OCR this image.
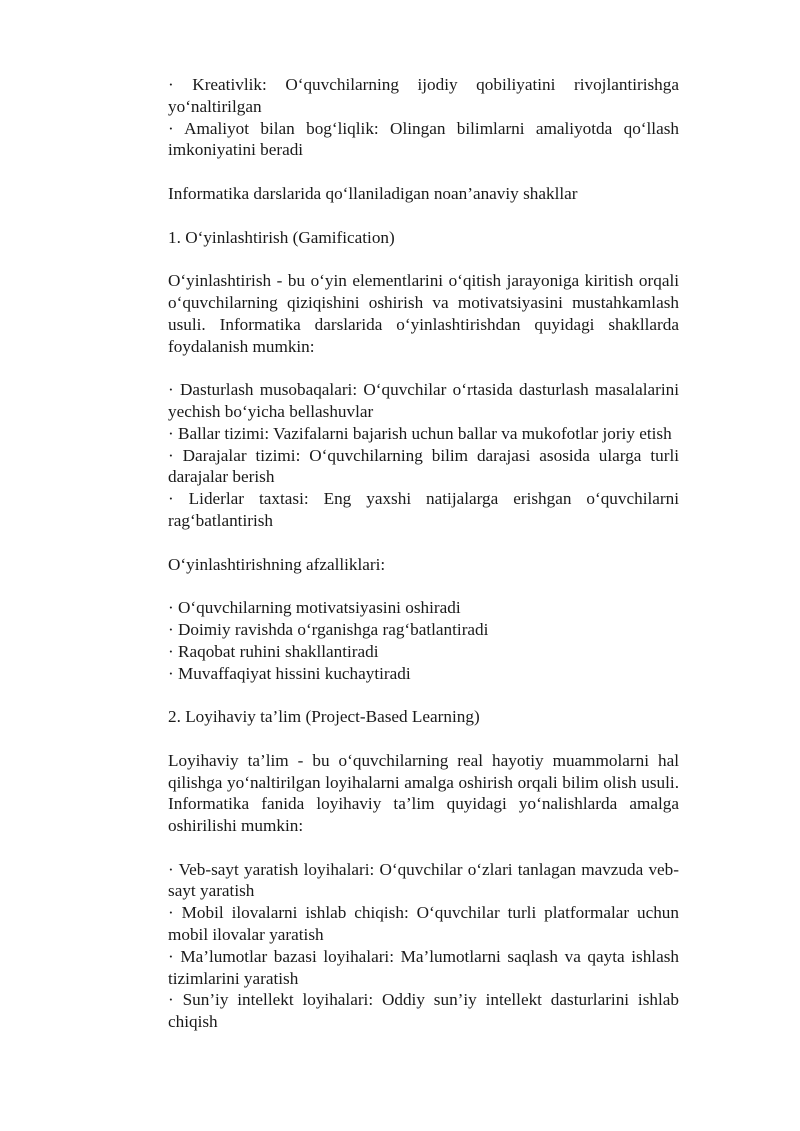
· Kreativlik: O‘quvchilarning ijodiy qobiliyatini rivojlantirishga yo‘naltirilgan

· Amaliyot bilan bog‘liqlik: Olingan bilimlarni amaliyotda qo‘llash imkoniyatini beradi

Informatika darslarida qo‘llaniladigan noan’anaviy shakllar

1. O‘yinlashtirish (Gamification)

O‘yinlashtirish - bu o‘yin elementlarini o‘qitish jarayoniga kiritish orqali o‘quvchilarning qiziqishini oshirish va motivatsiyasini mustahkamlash usuli. Informatika darslarida o‘yinlashtirishdan quyidagi shakllarda foydalanish mumkin:

· Dasturlash musobaqalari: O‘quvchilar o‘rtasida dasturlash masalalarini yechish bo‘yicha bellashuvlar

· Ballar tizimi: Vazifalarni bajarish uchun ballar va mukofotlar joriy etish

· Darajalar tizimi: O‘quvchilarning bilim darajasi asosida ularga turli darajalar berish

· Liderlar taxtasi: Eng yaxshi natijalarga erishgan o‘quvchilarni rag‘batlantirish

O‘yinlashtirishning afzalliklari:

· O‘quvchilarning motivatsiyasini oshiradi

· Doimiy ravishda o‘rganishga rag‘batlantiradi

· Raqobat ruhini shakllantiradi

· Muvaffaqiyat hissini kuchaytiradi

2. Loyihaviy ta’lim (Project-Based Learning)

Loyihaviy ta’lim - bu o‘quvchilarning real hayotiy muammolarni hal qilishga yo‘naltirilgan loyihalarni amalga oshirish orqali bilim olish usuli. Informatika fanida loyihaviy ta’lim quyidagi yo‘nalishlarda amalga oshirilishi mumkin:

· Veb-sayt yaratish loyihalari: O‘quvchilar o‘zlari tanlagan mavzuda veb-sayt yaratish

· Mobil ilovalarni ishlab chiqish: O‘quvchilar turli platformalar uchun mobil ilovalar yaratish

· Ma’lumotlar bazasi loyihalari: Ma’lumotlarni saqlash va qayta ishlash tizimlarini yaratish

· Sun’iy intellekt loyihalari: Oddiy sun’iy intellekt dasturlarini ishlab chiqish
